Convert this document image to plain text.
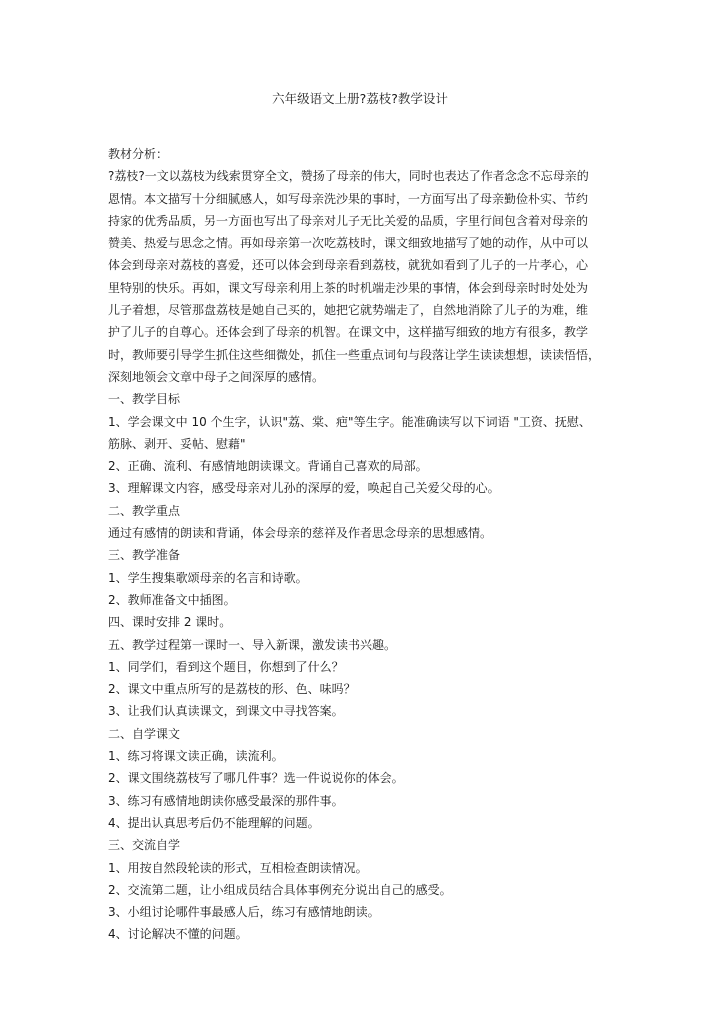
六年级语文上册?荔枝?教学设计
教材分析：
?荔枝?一文以荔枝为线索贯穿全文，赞扬了母亲的伟大，同时也表达了作者念念不忘母亲的
恩情。本文描写十分细腻感人，如写母亲洗沙果的事时，一方面写出了母亲勤俭朴实、节约
持家的优秀品质，另一方面也写出了母亲对儿子无比关爱的品质，字里行间包含着对母亲的
赞美、热爱与思念之情。再如母亲第一次吃荔枝时，课文细致地描写了她的动作，从中可以
体会到母亲对荔枝的喜爱，还可以体会到母亲看到荔枝，就犹如看到了儿子的一片孝心，心
里特别的快乐。再如，课文写母亲利用上茶的时机端走沙果的事情，体会到母亲时时处处为
儿子着想，尽管那盘荔枝是她自己买的，她把它就势端走了，自然地消除了儿子的为难，维
护了儿子的自尊心。还体会到了母亲的机智。在课文中，这样描写细致的地方有很多，教学
时，教师要引导学生抓住这些细微处，抓住一些重点词句与段落让学生读读想想，读读悟悟，
深刻地领会文章中母子之间深厚的感情。
一、教学目标
1、学会课文中 10 个生字，认识"荔、棠、疤"等生字。能准确读写以下词语 "工资、抚慰、
筋脉、剥开、妥帖、慰藉"
2、正确、流利、有感情地朗读课文。背诵自己喜欢的局部。
3、理解课文内容，感受母亲对儿孙的深厚的爱，唤起自己关爱父母的心。
二、教学重点
通过有感情的朗读和背诵，体会母亲的慈祥及作者思念母亲的思想感情。
三、教学准备
1、学生搜集歌颂母亲的名言和诗歌。
2、教师准备文中插图。
四、课时安排 2 课时。
五、教学过程第一课时一、导入新课，激发读书兴趣。
1、同学们，看到这个题目，你想到了什么？
2、课文中重点所写的是荔枝的形、色、味吗？
3、让我们认真读课文，到课文中寻找答案。
二、自学课文
1、练习将课文读正确，读流利。
2、课文围绕荔枝写了哪几件事？选一件说说你的体会。
3、练习有感情地朗读你感受最深的那件事。
4、提出认真思考后仍不能理解的问题。
三、交流自学
1、用按自然段轮读的形式，互相检查朗读情况。
2、交流第二题，让小组成员结合具体事例充分说出自己的感受。
3、小组讨论哪件事最感人后，练习有感情地朗读。
4、讨论解决不懂的问题。
